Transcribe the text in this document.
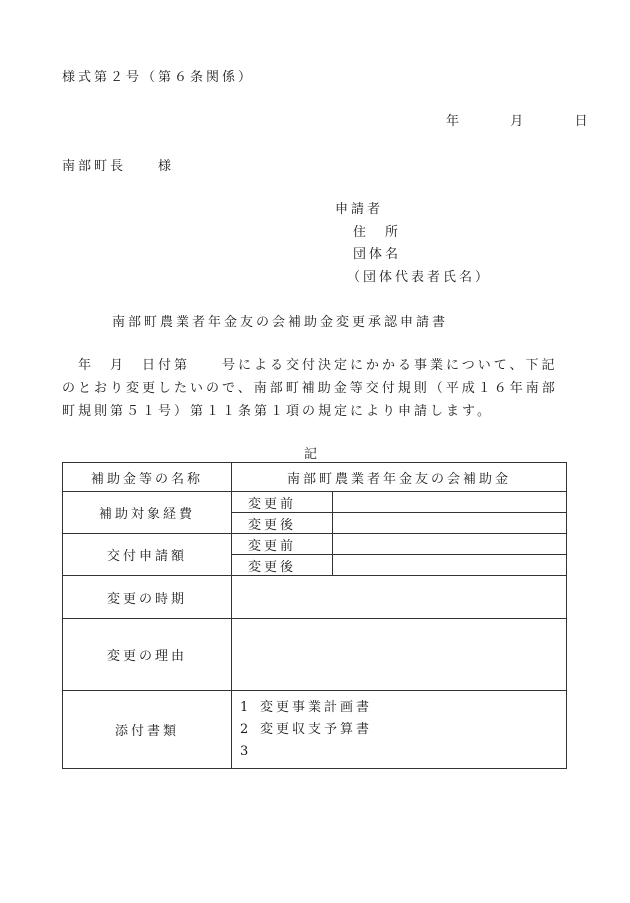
様式第２号（第６条関係）
年	月	日
南部町長　　様
申請者
住　所
団体名
（団体代表者氏名）
南部町農業者年金友の会補助金変更承認申請書
　年　月　日付第　　号による交付決定にかかる事業について、下記
のとおり変更したいので、南部町補助金等交付規則（平成１６年南部
町規則第５１号）第１１条第１項の規定により申請します。
記
補助金等の名称	南部町農業者年金友の会補助金	
補助対象経費	変更前	
	変更後	
交付申請額	変更前	
	変更後	
変更の時期		
変更の理由		
添付書類	1 変更事業計画書
2 変更収支予算書
3	
